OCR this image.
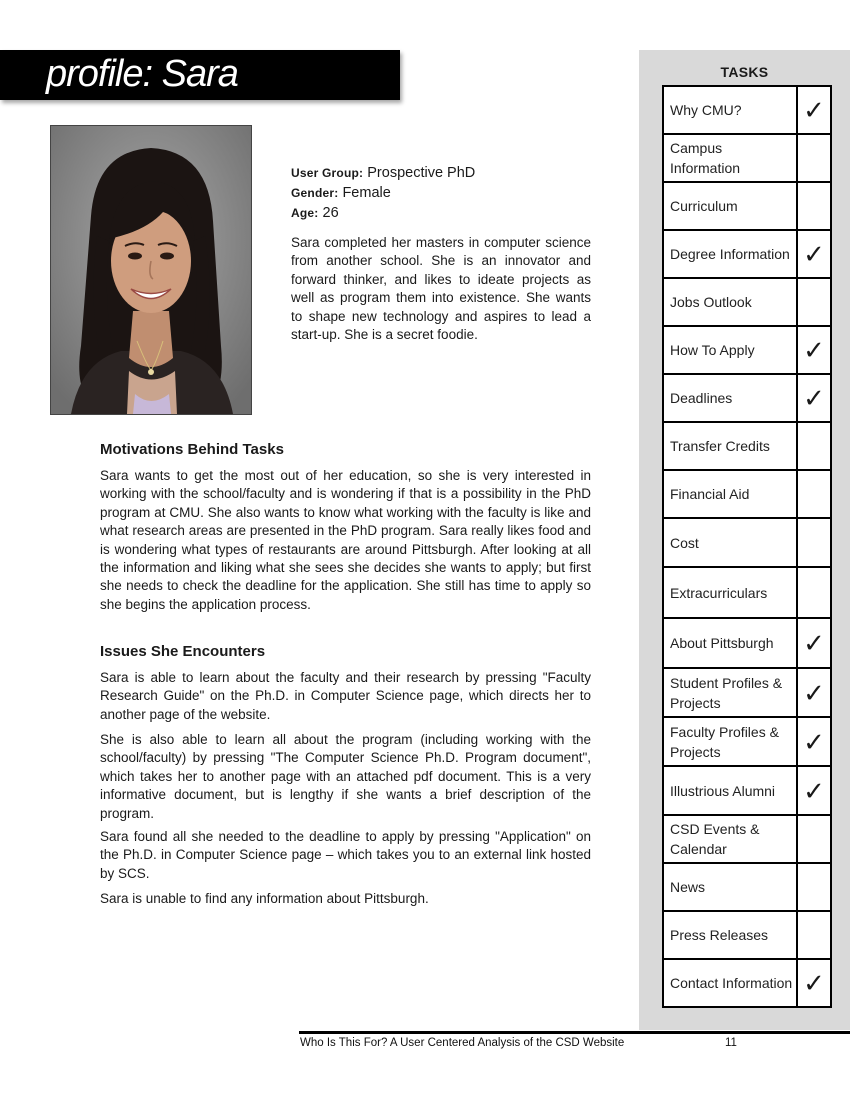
profile: Sara
User Group: Prospective PhD
Gender: Female
Age: 26

Sara completed her masters in computer science from another school. She is an innovator and forward thinker, and likes to ideate projects as well as program them into existence. She wants to shape new technology and aspires to lead a start-up. She is a secret foodie.

Motivations Behind Tasks

Sara wants to get the most out of her education, so she is very interested in working with the school/faculty and is wondering if that is a possibility in the PhD program at CMU. She also wants to know what working with the faculty is like and what research areas are presented in the PhD program. Sara really likes food and is wondering what types of restaurants are around Pittsburgh. After looking at all the information and liking what she sees she decides she wants to apply; but first she needs to check the deadline for the application. She still has time to apply so she begins the application process.

Issues She Encounters

Sara is able to learn about the faculty and their research by pressing "Faculty Research Guide" on the Ph.D. in Computer Science page, which directs her to another page of the website.

She is also able to learn all about the program (including working with the school/faculty) by pressing "The Computer Science Ph.D. Program document", which takes her to another page with an attached pdf document. This is a very informative document, but is lengthy if she wants a brief description of the program.

Sara found all she needed to the deadline to apply by pressing "Application" on the Ph.D. in Computer Science page – which takes you to an external link hosted by SCS.

Sara is unable to find any information about Pittsburgh.

TASKS
Why CMU?	✓
Campus Information	
Curriculum	
Degree Information	✓
Jobs Outlook	
How To Apply	✓
Deadlines	✓
Transfer Credits	
Financial Aid	
Cost	
Extracurriculars	
About Pittsburgh	✓
Student Profiles & Projects	✓
Faculty Profiles & Projects	✓
Illustrious Alumni	✓
CSD Events & Calendar	
News	
Press Releases	
Contact Information	✓
Who Is This For? A User Centered Analysis of the CSD Website	11
